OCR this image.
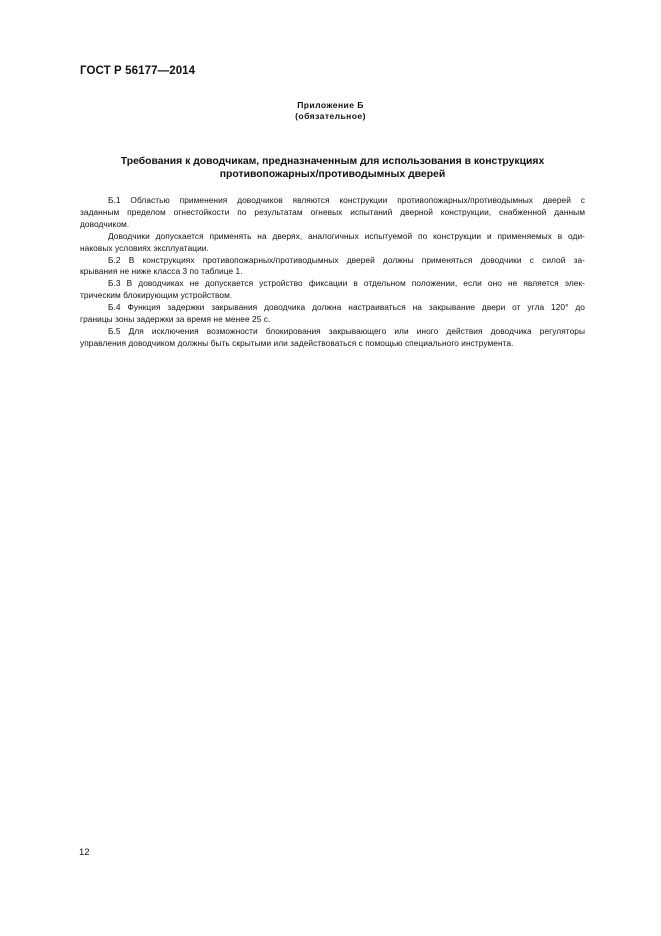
ГОСТ Р 56177—2014
Приложение Б
(обязательное)
Требования к доводчикам, предназначенным для использования в конструкциях
противопожарных/противодымных дверей
Б.1 Областью применения доводчиков являются конструкции противопожарных/противодымных дверей с
заданным пределом огнестойкости по результатам огневых испытаний дверной конструкции, снабженной данным
доводчиком.
Доводчики допускается применять на дверях, аналогичных испытуемой по конструкции и применяемых в оди-
наковых условиях эксплуатации.
Б.2 В конструкциях противопожарных/противодымных дверей должны применяться доводчики с силой за-
крывания не ниже класса 3 по таблице 1.
Б.3 В доводчиках не допускается устройство фиксации в отдельном положении, если оно не является элек-
трическим блокирующим устройством.
Б.4 Функция задержки закрывания доводчика должна настраиваться на закрывание двери от угла 120° до
границы зоны задержки за время не менее 25 с.
Б.5 Для исключения возможности блокирования закрывающего или иного действия доводчика регуляторы
управления доводчиком должны быть скрытыми или задействоваться с помощью специального инструмента.
12
